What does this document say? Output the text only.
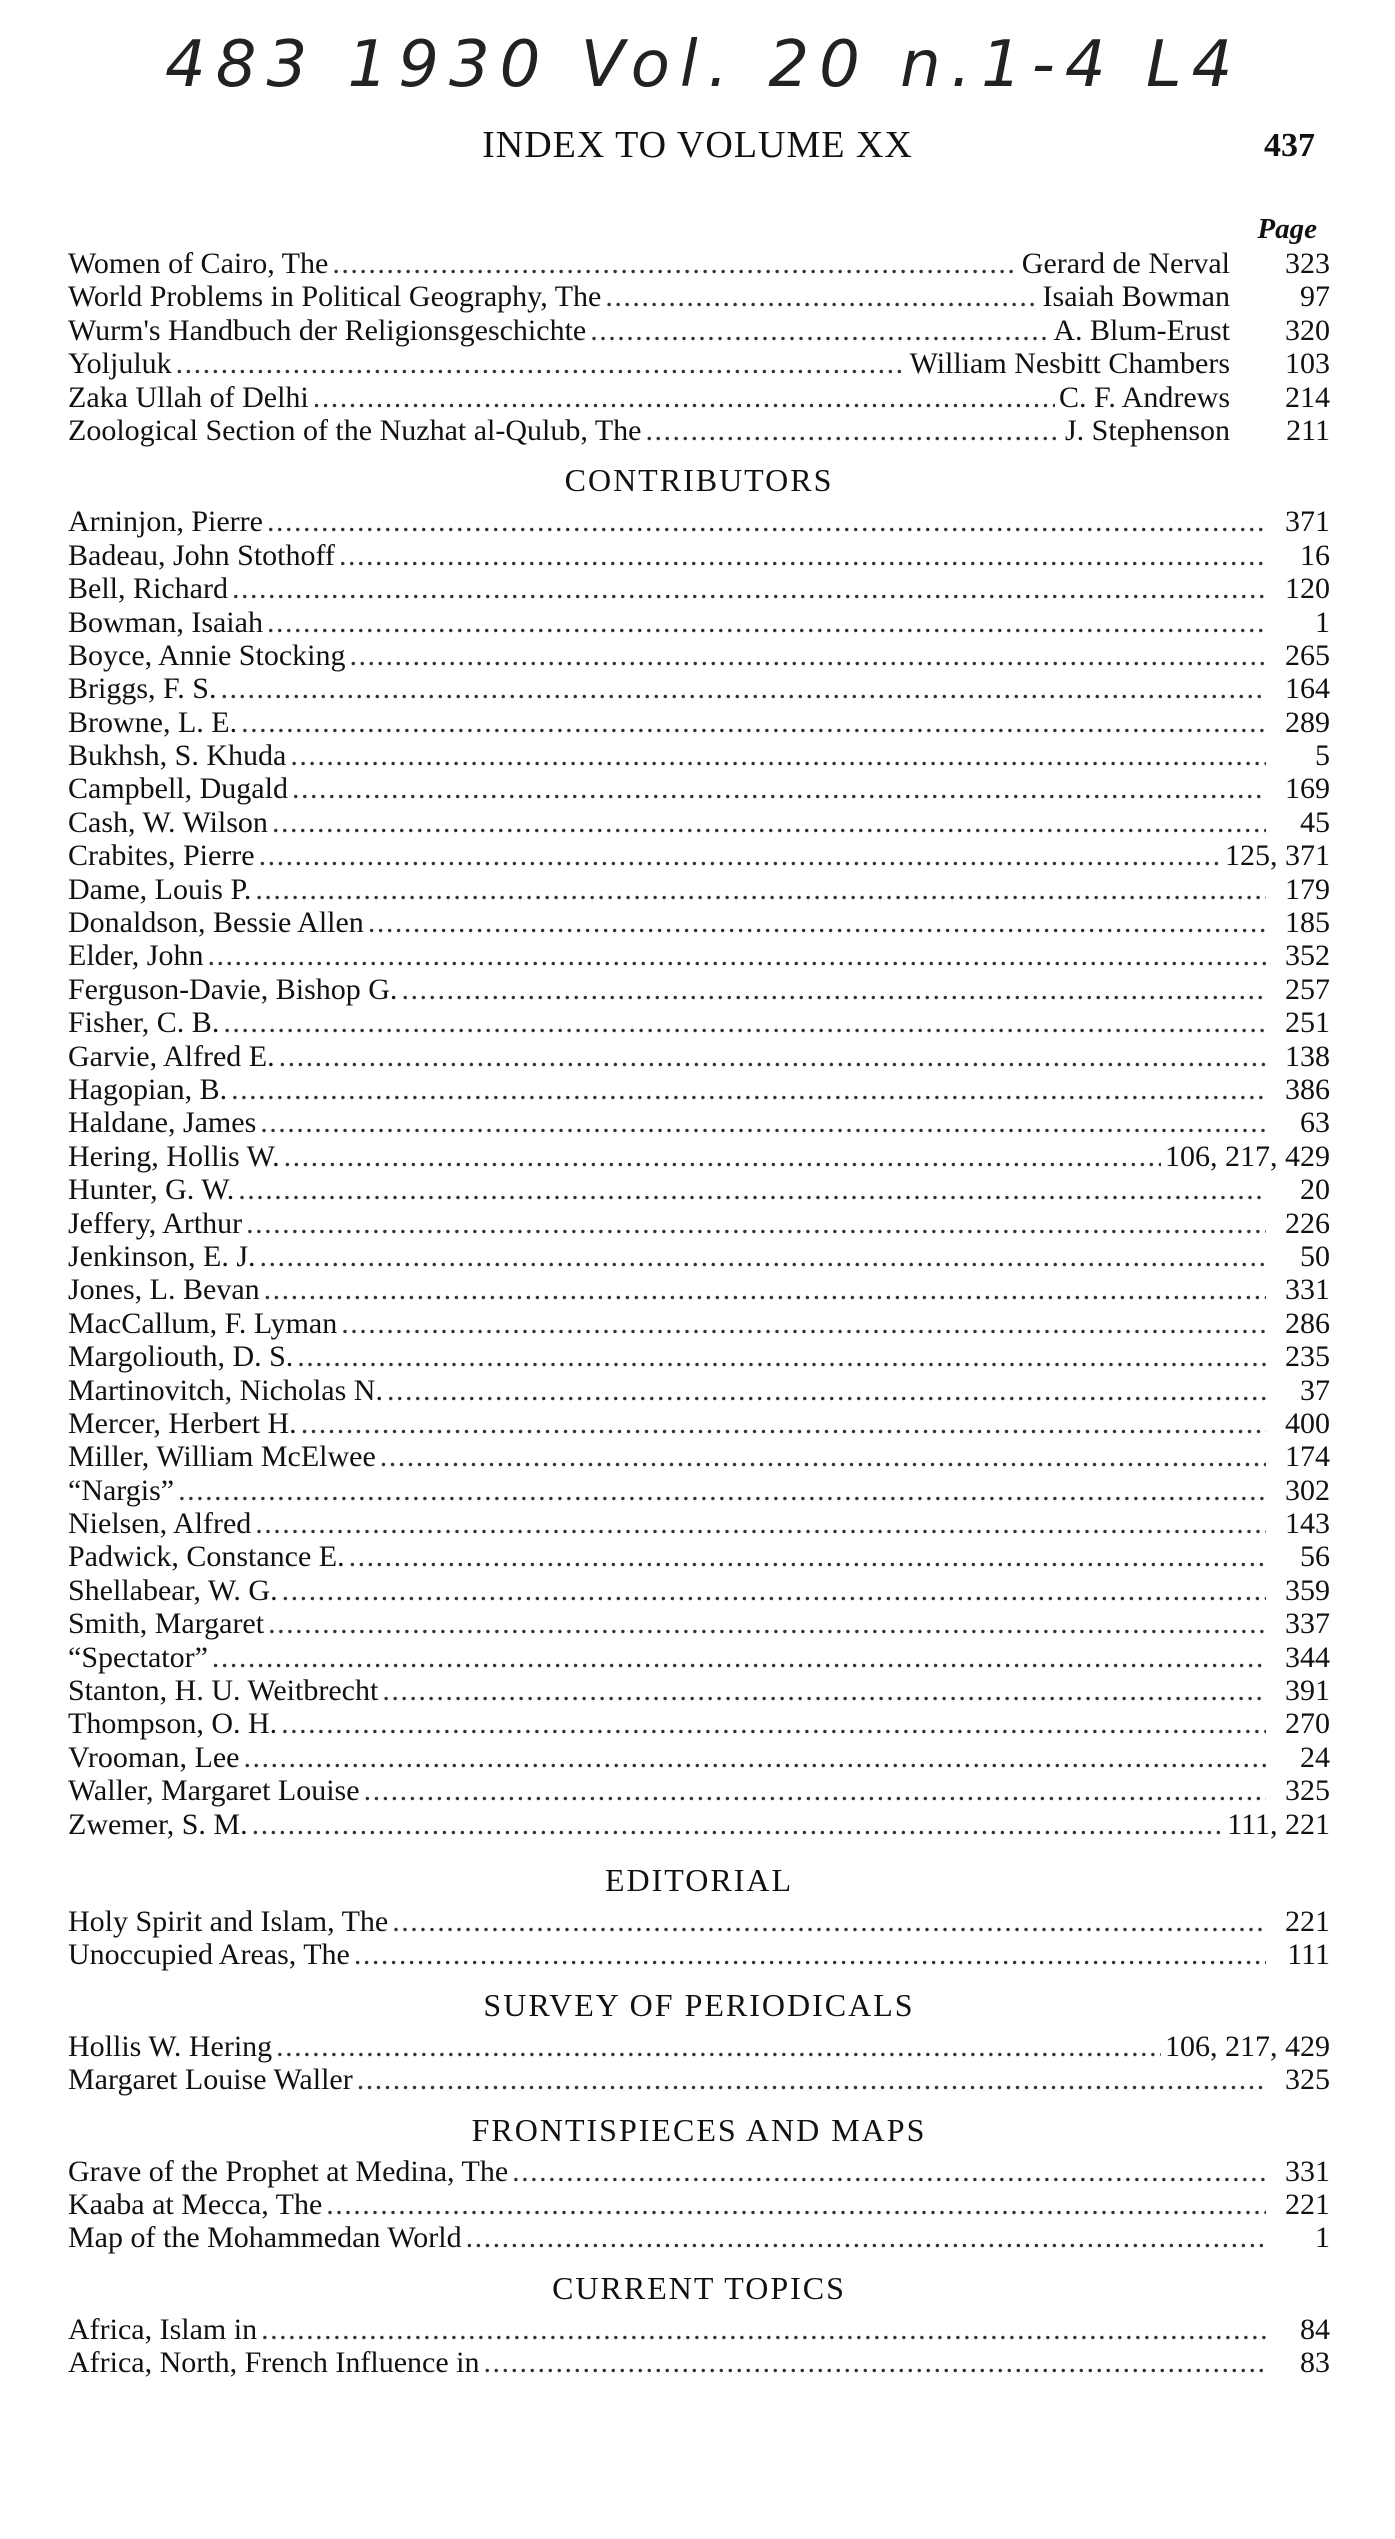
483 1930 Vol. 20 n.1-4 L4
INDEX TO VOLUME XX	437
Page
Women of Cairo, The . . .	Gerard de Nerval	323
World Problems in Political Geography, The . . .	Isaiah Bowman	97
Wurm's Handbuch der Religionsgeschichte . . .	A. Blum-Erust	320
Yoljuluk . . .	William Nesbitt Chambers	103
Zaka Ullah of Delhi . . .	C. F. Andrews	214
Zoological Section of the Nuzhat al-Qulub, The . . .	J. Stephenson	211
CONTRIBUTORS
Arninjon, Pierre . . .	371
Badeau, John Stothoff . . .	16
Bell, Richard . . .	120
Bowman, Isaiah . . .	1
Boyce, Annie Stocking . . .	265
Briggs, F. S. . . .	164
Browne, L. E. . . .	289
Bukhsh, S. Khuda . . .	5
Campbell, Dugald . . .	169
Cash, W. Wilson . . .	45
Crabites, Pierre . . .	125, 371
Dame, Louis P. . . .	179
Donaldson, Bessie Allen . . .	185
Elder, John . . .	352
Ferguson-Davie, Bishop G. . . .	257
Fisher, C. B. . . .	251
Garvie, Alfred E. . . .	138
Hagopian, B. . . .	386
Haldane, James . . .	63
Hering, Hollis W. . . .	106, 217, 429
Hunter, G. W. . . .	20
Jeffery, Arthur . . .	226
Jenkinson, E. J. . . .	50
Jones, L. Bevan . . .	331
MacCallum, F. Lyman . . .	286
Margoliouth, D. S. . . .	235
Martinovitch, Nicholas N. . . .	37
Mercer, Herbert H. . . .	400
Miller, William McElwee . . .	174
“Nargis” . . .	302
Nielsen, Alfred . . .	143
Padwick, Constance E. . . .	56
Shellabear, W. G. . . .	359
Smith, Margaret . . .	337
“Spectator” . . .	344
Stanton, H. U. Weitbrecht . . .	391
Thompson, O. H. . . .	270
Vrooman, Lee . . .	24
Waller, Margaret Louise . . .	325
Zwemer, S. M. . . .	111, 221
EDITORIAL
Holy Spirit and Islam, The . . .	221
Unoccupied Areas, The . . .	111
SURVEY OF PERIODICALS
Hollis W. Hering . . .	106, 217, 429
Margaret Louise Waller . . .	325
FRONTISPIECES AND MAPS
Grave of the Prophet at Medina, The . . .	331
Kaaba at Mecca, The . . .	221
Map of the Mohammedan World . . .	1
CURRENT TOPICS
Africa, Islam in . . .	84
Africa, North, French Influence in . . .	83
